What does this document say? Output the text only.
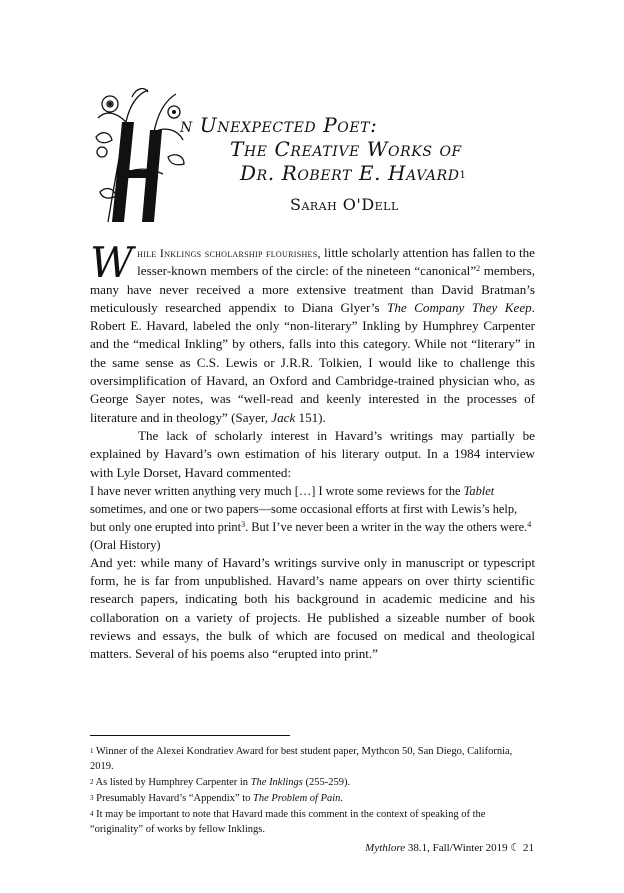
n Unexpected Poet:
The Creative Works of
Dr. Robert E. Havard$^1$
Sarah O'Dell

While Inklings scholarship flourishes, little scholarly attention has fallen to the lesser-known members of the circle: of the nineteen “canonical”$^2$ members, many have never received a more extensive treatment than David Bratman’s meticulously researched appendix to Diana Glyer’s The Company They Keep. Robert E. Havard, labeled the only “non-literary” Inkling by Humphrey Carpenter and the “medical Inkling” by others, falls into this category. While not “literary” in the same sense as C.S. Lewis or J.R.R. Tolkien, I would like to challenge this oversimplification of Havard, an Oxford and Cambridge-trained physician who, as George Sayer notes, was “well-read and keenly interested in the processes of literature and in theology” (Sayer, Jack 151).

The lack of scholarly interest in Havard’s writings may partially be explained by Havard’s own estimation of his literary output. In a 1984 interview with Lyle Dorset, Havard commented:

I have never written anything very much […] I wrote some reviews for the Tablet sometimes, and one or two papers—some occasional efforts at first with Lewis’s help, but only one erupted into print$^3$. But I’ve never been a writer in the way the others were.$^4$ (Oral History)

And yet: while many of Havard’s writings survive only in manuscript or typescript form, he is far from unpublished. Havard’s name appears on over thirty scientific research papers, indicating both his background in academic medicine and his collaboration on a variety of projects. He published a sizeable number of book reviews and essays, the bulk of which are focused on medical and theological matters. Several of his poems also “erupted into print.”

$^1$ Winner of the Alexei Kondratiev Award for best student paper, Mythcon 50, San Diego, California, 2019.
$^2$ As listed by Humphrey Carpenter in The Inklings (255-259).
$^3$ Presumably Havard’s “Appendix” to The Problem of Pain.
$^4$ It may be important to note that Havard made this comment in the context of speaking of the “originality” of works by fellow Inklings.
Mythlore 38.1, Fall/Winter 2019 ☾ 21
